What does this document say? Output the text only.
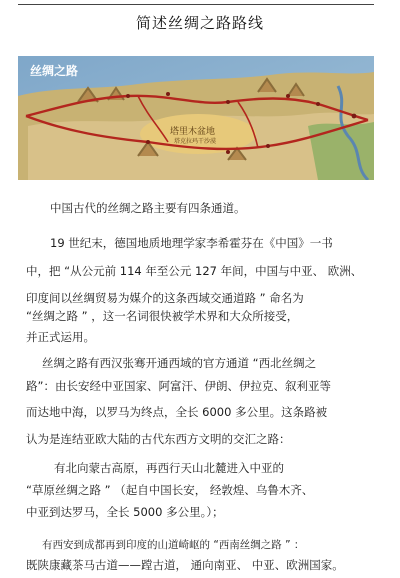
简述丝绸之路路线
丝绸之路
塔里木盆地
塔克拉玛干沙漠
中国古代的丝绸之路主要有四条通道。
19 世纪末，德国地质地理学家李希霍芬在《中国》一书
中，把 “从公元前 114 年至公元 127 年间，中国与中亚、 欧洲、
印度间以丝绸贸易为媒介的这条西域交通道路 ” 命名为
“丝绸之路 ” ，这一名词很快被学术界和大众所接受，
并正式运用。
丝绸之路有西汉张骞开通西域的官方通道 “西北丝绸之
路”：由长安经中亚国家、阿富汗、伊朗、伊拉克、叙利亚等
而达地中海，以罗马为终点，全长 6000 多公里。这条路被
认为是连结亚欧大陆的古代东西方文明的交汇之路：
有北向蒙古高原，再西行天山北麓进入中亚的
“草原丝绸之路 ” （起自中国长安， 经敦煌、乌鲁木齐、
中亚到达罗马，全长 5000 多公里。）；
有西安到成都再到印度的山道崎岖的 “西南丝绸之路 ” ：
既陕康藏茶马古道——蹚古道， 通向南亚、 中亚、欧洲国家。
